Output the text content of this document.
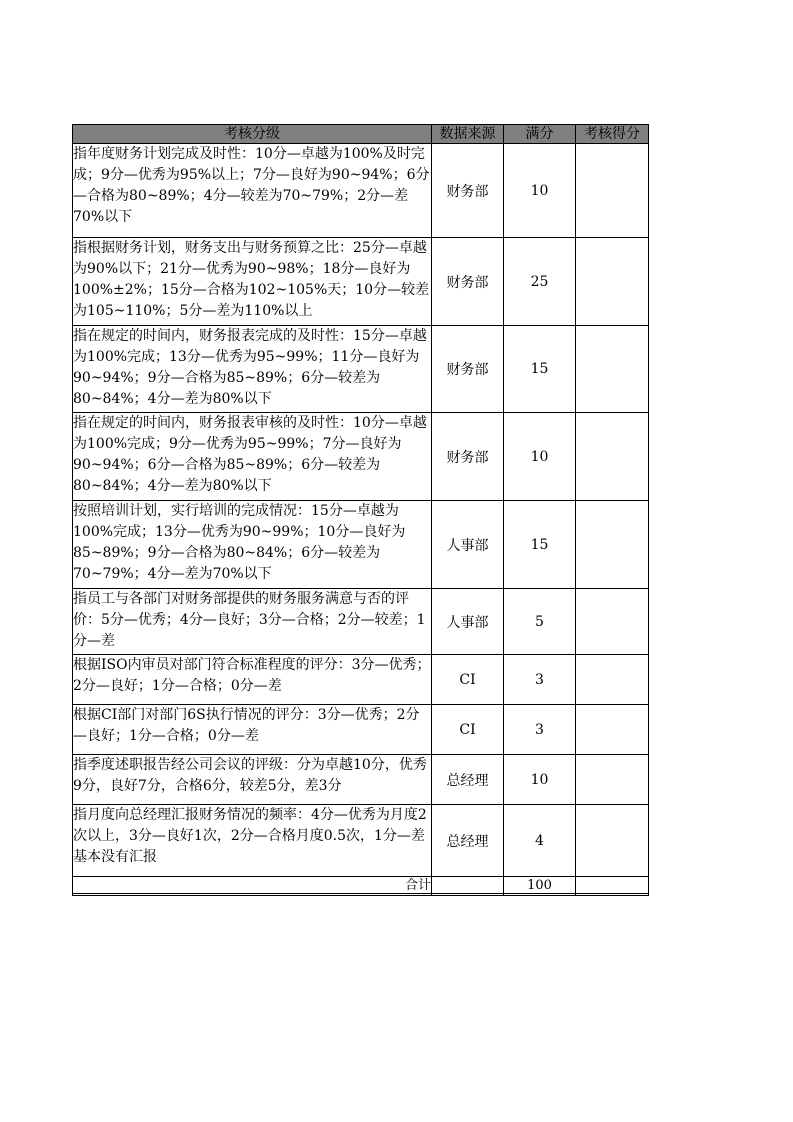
考核分级	数据来源	满分	考核得分
指年度财务计划完成及时性：10分—卓越为100%及时完成；9分—优秀为95%以上；7分—良好为90~94%；6分—合格为80~89%；4分—较差为70~79%；2分—差70%以下	财务部	10	
指根据财务计划，财务支出与财务预算之比：25分—卓越为90%以下；21分—优秀为90~98%；18分—良好为100%±2%；15分—合格为102~105%天；10分—较差为105~110%；5分—差为110%以上	财务部	25	
指在规定的时间内，财务报表完成的及时性：15分—卓越为100%完成；13分—优秀为95~99%；11分—良好为90~94%；9分—合格为85~89%；6分—较差为80~84%；4分—差为80%以下	财务部	15	
指在规定的时间内，财务报表审核的及时性：10分—卓越为100%完成；9分—优秀为95~99%；7分—良好为90~94%；6分—合格为85~89%；6分—较差为80~84%；4分—差为80%以下	财务部	10	
按照培训计划，实行培训的完成情况：15分—卓越为100%完成；13分—优秀为90~99%；10分—良好为85~89%；9分—合格为80~84%；6分—较差为70~79%；4分—差为70%以下	人事部	15	
指员工与各部门对财务部提供的财务服务满意与否的评价：5分—优秀；4分—良好；3分—合格；2分—较差；1分—差	人事部	5	
根据ISO内审员对部门符合标准程度的评分：3分—优秀；2分—良好；1分—合格；0分—差	CI	3	
根据CI部门对部门6S执行情况的评分：3分—优秀；2分—良好；1分—合格；0分—差	CI	3	
指季度述职报告经公司会议的评级：分为卓越10分，优秀9分，良好7分，合格6分，较差5分，差3分	总经理	10	
指月度向总经理汇报财务情况的频率：4分—优秀为月度2次以上，3分—良好1次，2分—合格月度0.5次，1分—差基本没有汇报	总经理	4	
合计		100	
